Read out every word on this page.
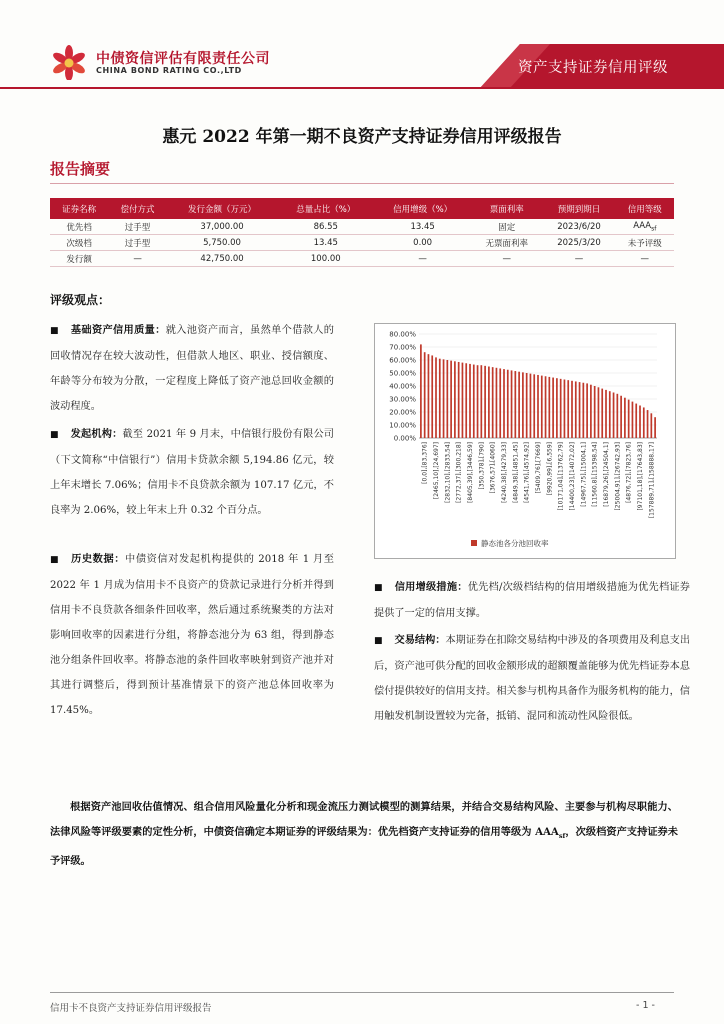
中债资信评估有限责任公司
CHINA BOND RATING CO.,LTD	资产支持证券信用评级
惠元 2022 年第一期不良资产支持证券信用评级报告
报告摘要
证券名称	偿付方式	发行金额（万元）	总量占比（%）	信用增级（%）	票面利率	预期到期日	信用等级
优先档	过手型	37,000.00	86.55	13.45	固定	2023/6/20	$AAA_{sf}$
次级档	过手型	5,750.00	13.45	0.00	无票面利率	2025/3/20	未予评级
发行额	—	42,750.00	100.00	—	—	—	—
评级观点：
■ 基础资产信用质量：就入池资产而言，虽然单个借款人的回收情况存在较大波动性，但借款人地区、职业、授信额度、年龄等分布较为分散，一定程度上降低了资产池总回收金额的波动程度。
■ 发起机构：截至 2021 年 9 月末，中信银行股份有限公司（下文简称“中信银行”）信用卡贷款余额 5,194.86 亿元，较上年末增长 7.06%；信用卡不良贷款余额为 107.17 亿元，不良率为 2.06%，较上年末上升 0.32 个百分点。
■ 历史数据：中债资信对发起机构提供的 2018 年 1 月至 2022 年 1 月成为信用卡不良资产的贷款记录进行分析并得到信用卡不良贷款各细条件回收率，然后通过系统聚类的方法对影响回收率的因素进行分组，将静态池分为 63 组，得到静态池分组条件回收率。将静态池的条件回收率映射到资产池并对其进行调整后，得到预计基准情景下的资产池总体回收率为 17.45%。
80.00%
70.00%
60.00%
50.00%
40.00%
30.00%
20.00%
10.00%
0.00%
[0,0],[83,376] [2465,10],[24,697] [2832,10],[2833,54] [2772,37],[300,218] [8405,39],[3446,59] [350,378],[790] [3676,57],[4060] [4240,38],[4279,33] [4849,38],[4851,45] [4541,76],[4574,92] [5409,76],[7669] [9920,99],[6,559] [10171,04],[13762,79] [14400,23],[14072,02] [14967,75],[15004,1] [11560,8],[15398,54] [16879,26],[24504,1] [25004,91],[26742,93] [4876,72],[7823,76] [97101,18],[17643,83] [157889,71],[158888,17]
静态池各分池回收率
■ 信用增级措施：优先档/次级档结构的信用增级措施为优先档证券提供了一定的信用支撑。
■ 交易结构：本期证券在扣除交易结构中涉及的各项费用及利息支出后，资产池可供分配的回收金额形成的超额覆盖能够为优先档证券本息偿付提供较好的信用支持。相关参与机构具备作为服务机构的能力，信用触发机制设置较为完备，抵销、混同和流动性风险很低。
根据资产池回收估值情况、组合信用风险量化分析和现金流压力测试模型的测算结果，并结合交易结构风险、主要参与机构尽职能力、法律风险等评级要素的定性分析，中债资信确定本期证券的评级结果为：优先档资产支持证券的信用等级为 $AAA_{sf}$，次级档资产支持证券未予评级。
信用卡不良资产支持证券信用评级报告	- 1 -
